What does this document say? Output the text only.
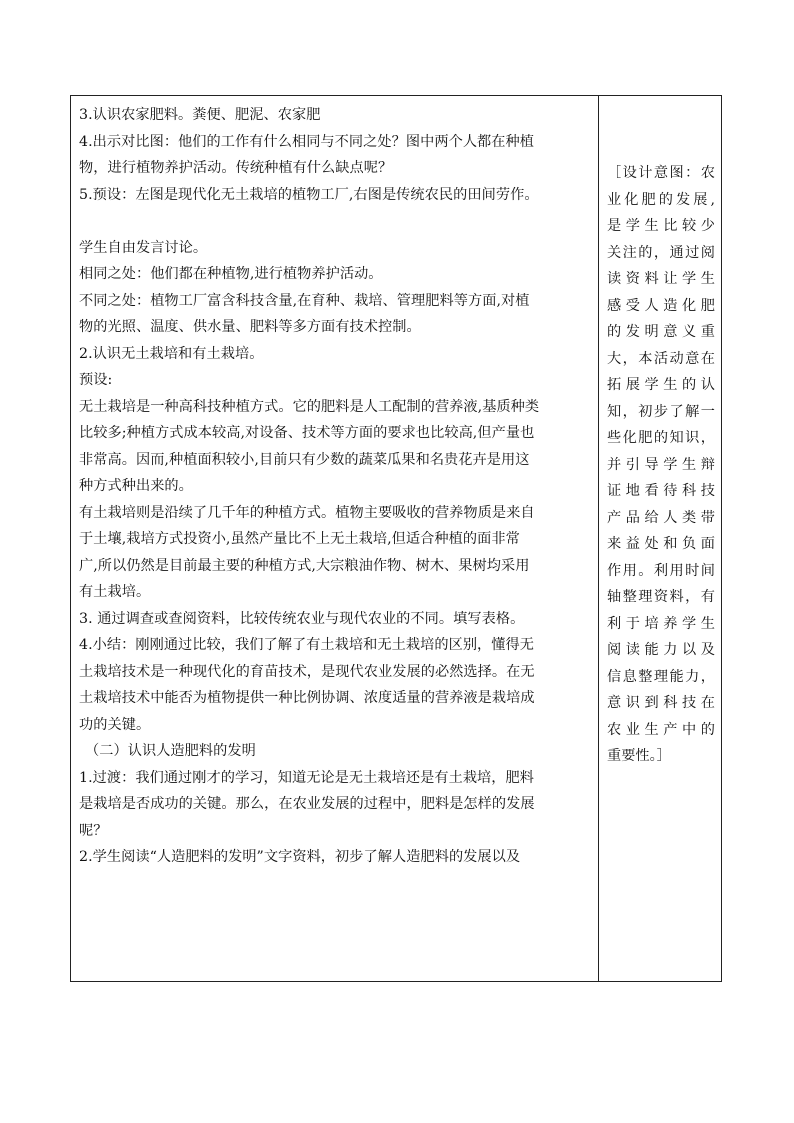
3.认识农家肥料。粪便、肥泥、农家肥
4.出示对比图：他们的工作有什么相同与不同之处？图中两个人都在种植
物，进行植物养护活动。传统种植有什么缺点呢？
5.预设：左图是现代化无土栽培的植物工厂,右图是传统农民的田间劳作。
学生自由发言讨论。
相同之处：他们都在种植物,进行植物养护活动。
不同之处：植物工厂富含科技含量,在育种、栽培、管理肥料等方面,对植
物的光照、温度、供水量、肥料等多方面有技术控制。
2.认识无土栽培和有土栽培。
预设:
无土栽培是一种高科技种植方式。它的肥料是人工配制的营养液,基质种类
比较多;种植方式成本较高,对设备、技术等方面的要求也比较高,但产量也
非常高。因而,种植面积较小,目前只有少数的蔬菜瓜果和名贵花卉是用这
种方式种出来的。
有土栽培则是沿续了几千年的种植方式。植物主要吸收的营养物质是来自
于土壤,栽培方式投资小,虽然产量比不上无土栽培,但适合种植的面非常
广,所以仍然是目前最主要的种植方式,大宗粮油作物、树木、果树均采用
有土栽培。
3. 通过调查或查阅资料，比较传统农业与现代农业的不同。填写表格。
4.小结：刚刚通过比较，我们了解了有土栽培和无土栽培的区别，懂得无
土栽培技术是一种现代化的育苗技术，是现代农业发展的必然选择。在无
土栽培技术中能否为植物提供一种比例协调、浓度适量的营养液是栽培成
功的关键。
（二）认识人造肥料的发明
1.过渡：我们通过刚才的学习，知道无论是无土栽培还是有土栽培，肥料
是栽培是否成功的关键。那么，在农业发展的过程中，肥料是怎样的发展
呢？
2.学生阅读“人造肥料的发明”文字资料，初步了解人造肥料的发展以及
［设计意图：农
业化肥的发展,
是学生比较少
关注的，通过阅
读资料让学生
感受人造化肥
的发明意义重
大，本活动意在
拓展学生的认
知，初步了解一
些化肥的知识，
并引导学生辩
证地看待科技
产品给人类带
来益处和负面
作用。利用时间
轴整理资料，有
利于培养学生
阅读能力以及
信息整理能力，
意识到科技在
农业生产中的
重要性。］
